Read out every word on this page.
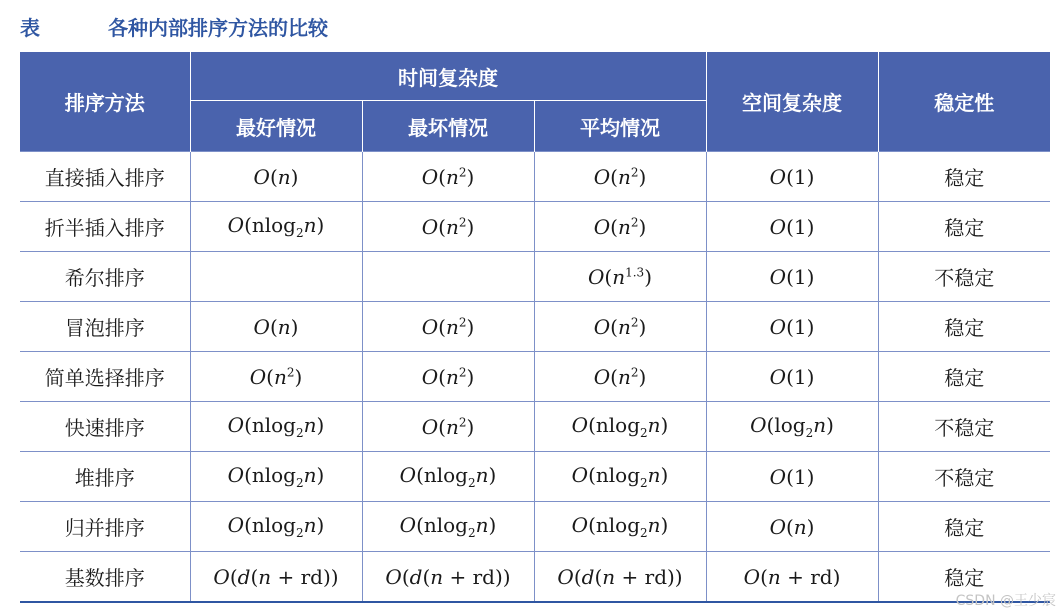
表	各种内部排序方法的比较
排序方法	时间复杂度			空间复杂度	稳定性
	最好情况	最坏情况	平均情况		
直接插入排序	O(n)	$O(n^2)$	$O(n^2)$	O(1)	稳定
折半插入排序	O(nlog$_2$n)	$O(n^2)$	$O(n^2)$	O(1)	稳定
希尔排序			$O(n^{1.3})$	O(1)	不稳定
冒泡排序	O(n)	$O(n^2)$	$O(n^2)$	O(1)	稳定
简单选择排序	$O(n^2)$	$O(n^2)$	$O(n^2)$	O(1)	稳定
快速排序	O(nlog$_2$n)	$O(n^2)$	O(nlog$_2$n)	$O(\log_2n)$	不稳定
堆排序	O(nlog$_2$n)	O(nlog$_2$n)	O(nlog$_2$n)	O(1)	不稳定
归并排序	O(nlog$_2$n)	O(nlog$_2$n)	O(nlog$_2$n)	O(n)	稳定
基数排序	O(d(n + rd))	O(d(n + rd))	O(d(n + rd))	O(n + rd)	稳定
CSDN @王少宸
